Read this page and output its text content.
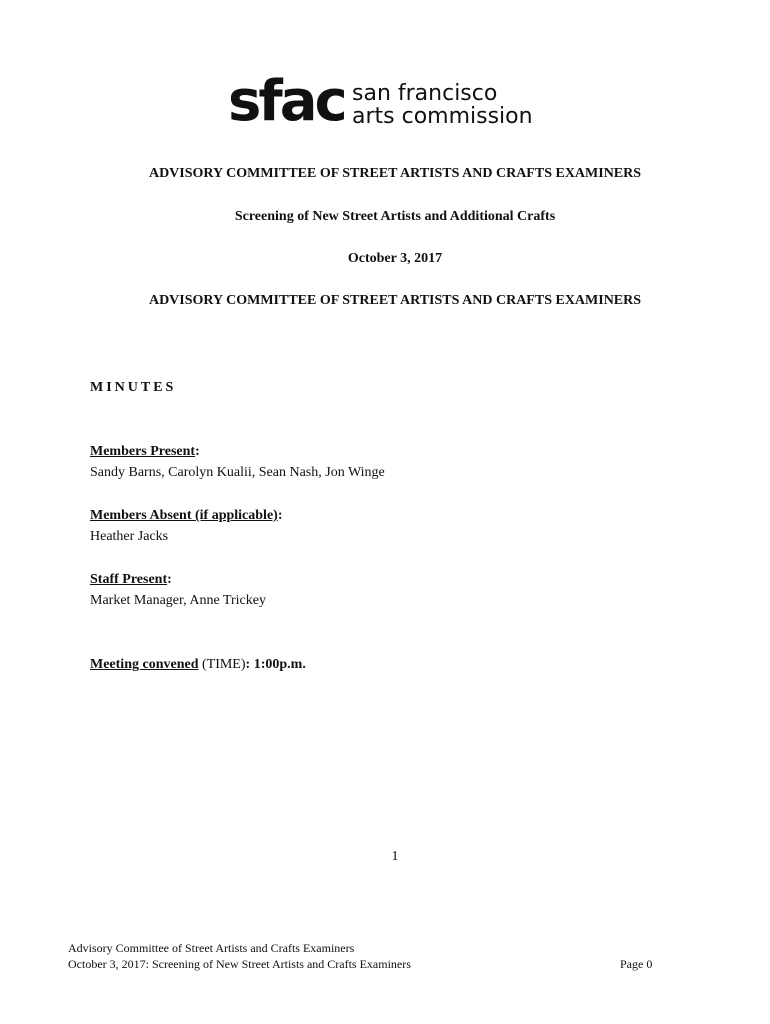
sfac san francisco
arts commission
ADVISORY COMMITTEE OF STREET ARTISTS AND CRAFTS EXAMINERS
Screening of New Street Artists and Additional Crafts
October 3, 2017
ADVISORY COMMITTEE OF STREET ARTISTS AND CRAFTS EXAMINERS
MINUTES
Members Present:
Sandy Barns, Carolyn Kualii, Sean Nash, Jon Winge
Members Absent (if applicable):
Heather Jacks
Staff Present:
Market Manager, Anne Trickey
Meeting convened (TIME): 1:00p.m.
1
Advisory Committee of Street Artists and Crafts Examiners
October 3, 2017: Screening of New Street Artists and Crafts Examiners	Page 0
